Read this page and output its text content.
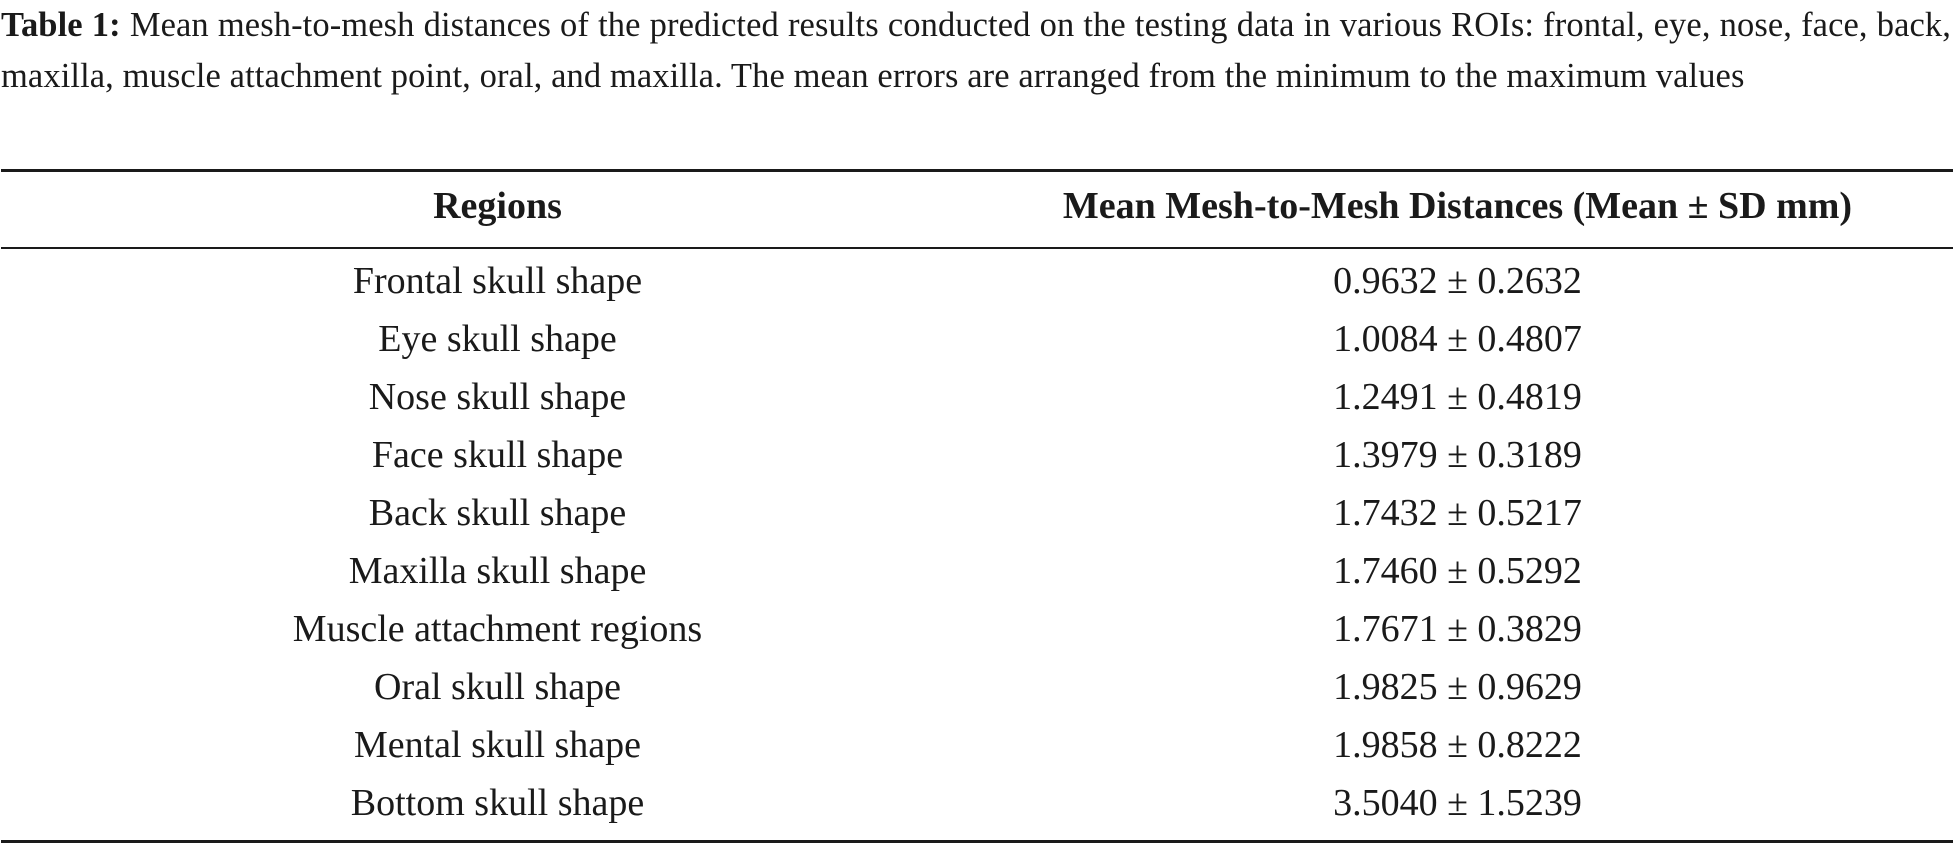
Table 1: Mean mesh-to-mesh distances of the predicted results conducted on the testing data in various ROIs: frontal, eye, nose, face, back, maxilla, muscle attachment point, oral, and maxilla. The mean errors are arranged from the minimum to the maximum values
Regions	Mean Mesh-to-Mesh Distances (Mean ± SD mm)
Frontal skull shape	0.9632 ± 0.2632
Eye skull shape	1.0084 ± 0.4807
Nose skull shape	1.2491 ± 0.4819
Face skull shape	1.3979 ± 0.3189
Back skull shape	1.7432 ± 0.5217
Maxilla skull shape	1.7460 ± 0.5292
Muscle attachment regions	1.7671 ± 0.3829
Oral skull shape	1.9825 ± 0.9629
Mental skull shape	1.9858 ± 0.8222
Bottom skull shape	3.5040 ± 1.5239
